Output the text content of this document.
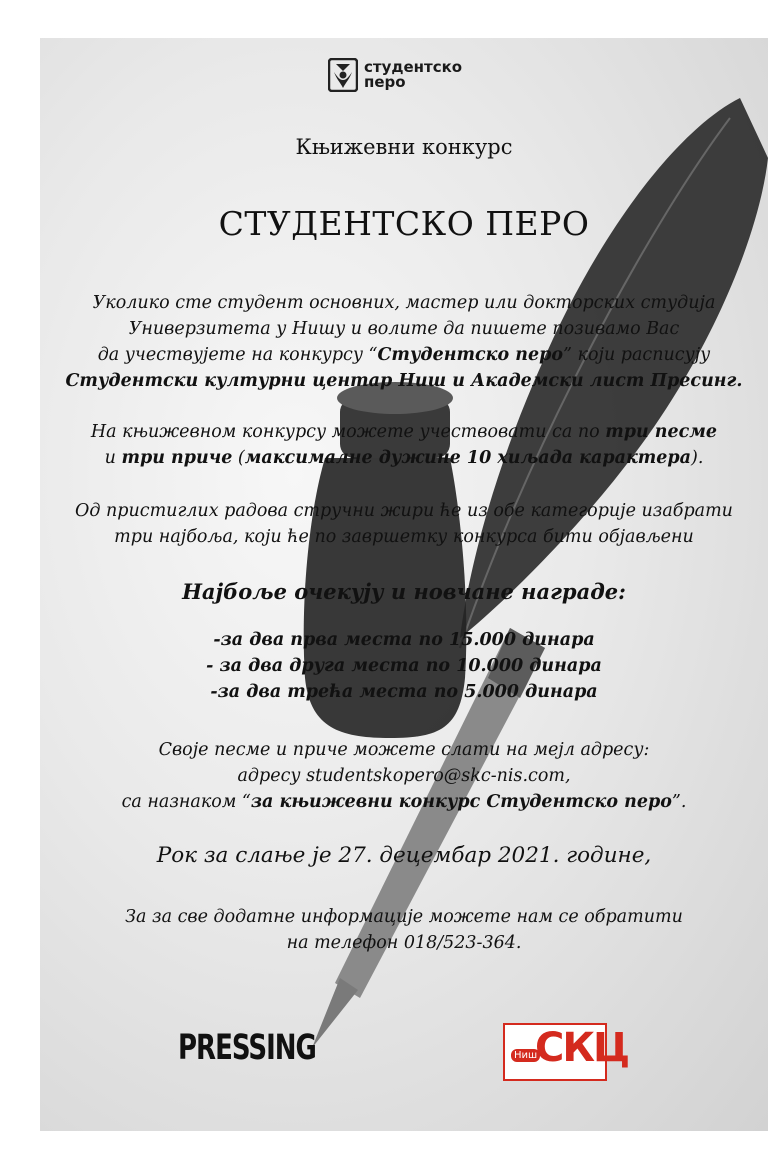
студентско
перо
Књижевни конкурс
СТУДЕНТСКО ПЕРО
Уколико сте студент основних, мастер или докторских студија
Универзитета у Нишу и волите да пишете позивамо Вас
да учествујете на конкурсу “Студентско перо” који расписују
Студентски културни центар Ниш и Академски лист Пресинг.
На књижевном конкурсу можете учествовати са по три песме
и три приче (максималне дужине 10 хиљада карактера).
Од пристиглих радова стручни жири ће из обе категорије изабрати
три најбоља, који ће по завршетку конкурса бити објављени
Најбоље очекују и новчане награде:
-за два прва места по 15.000 динара
- за два друга места по 10.000 динара
-за два трећа места по 5.000 динара
Своје песме и приче можете слати на мејл адресу:
адресу studentskopero@skc-nis.com,
са назнаком “за књижевни конкурс Студентско перо”.
Рок за слање је 27. децембар 2021. године,
За за све додатне информације можете нам се обратити
на телефон 018/523-364.
PRESSING	Ниш
СКЦ
